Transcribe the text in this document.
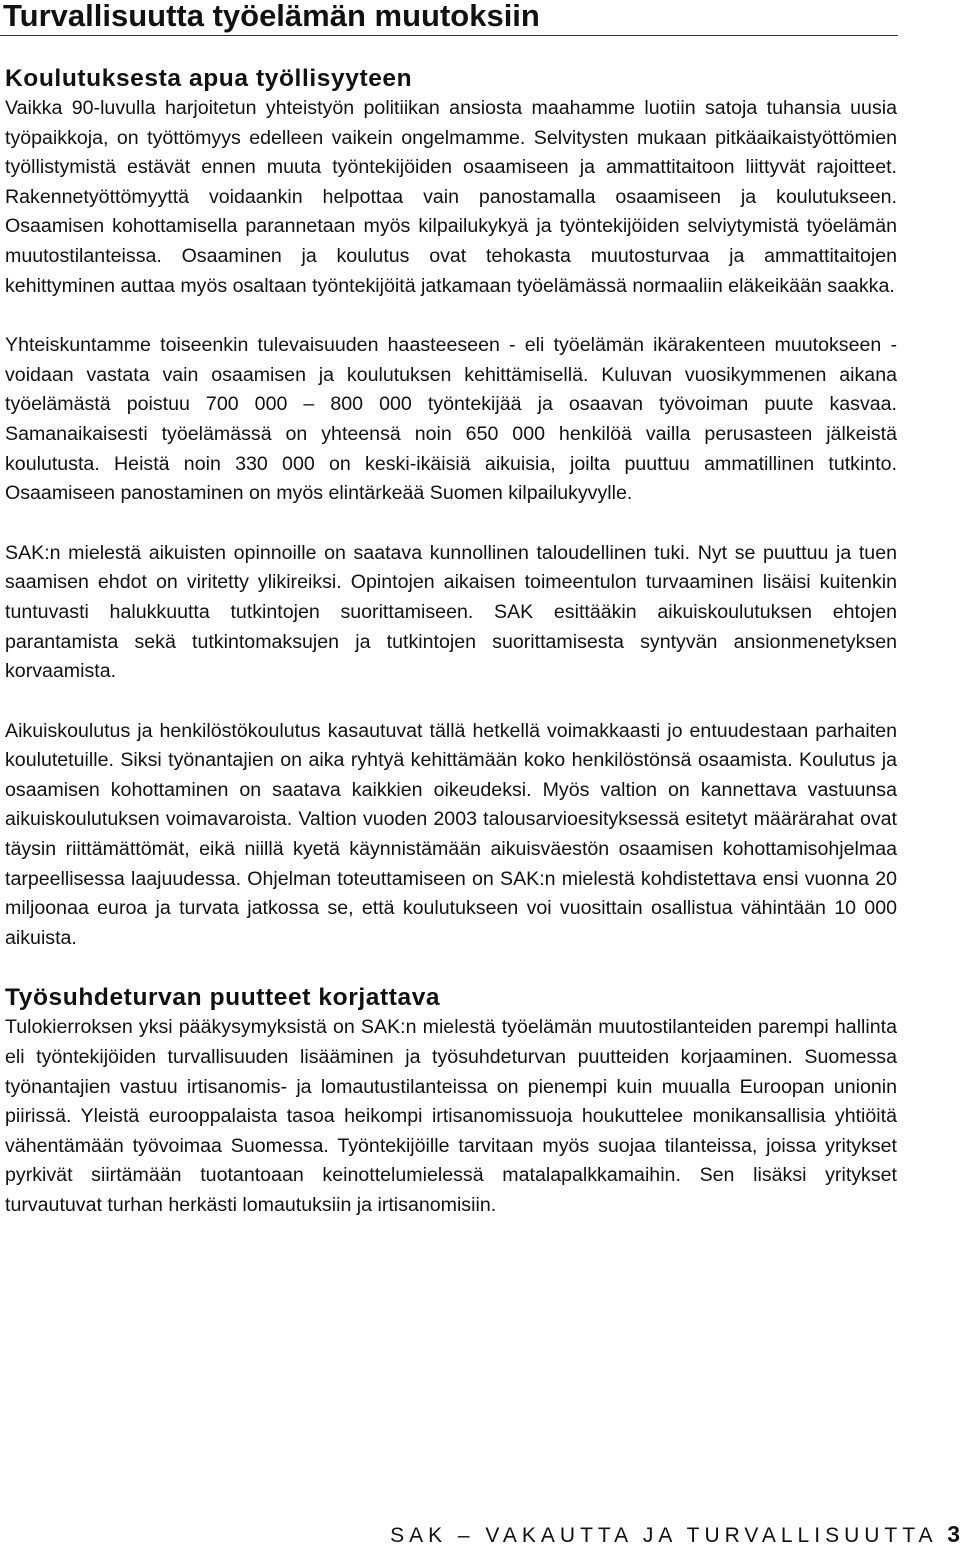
Turvallisuutta työelämän muutoksiin
Koulutuksesta apua työllisyyteen

Vaikka 90-luvulla harjoitetun yhteistyön politiikan ansiosta maahamme luotiin satoja tuhansia uusia työpaikkoja, on työttömyys edelleen vaikein ongelmamme. Selvitysten mukaan pitkäaikaistyöttömien työllistymistä estävät ennen muuta työntekijöiden osaamiseen ja ammattitaitoon liittyvät rajoitteet. Rakennetyöttömyyttä voidaankin helpottaa vain panostamalla osaamiseen ja koulutukseen. Osaamisen kohottamisella parannetaan myös kilpailukykyä ja työntekijöiden selviytymistä työelämän muutostilanteissa. Osaaminen ja koulutus ovat tehokasta muutosturvaa ja ammattitaitojen kehittyminen auttaa myös osaltaan työntekijöitä jatkamaan työelämässä normaaliin eläkeikään saakka.

Yhteiskuntamme toiseenkin tulevaisuuden haasteeseen - eli työelämän ikärakenteen muutokseen - voidaan vastata vain osaamisen ja koulutuksen kehittämisellä. Kuluvan vuosikymmenen aikana työelämästä poistuu 700 000 – 800 000 työntekijää ja osaavan työvoiman puute kasvaa. Samanaikaisesti työelämässä on yhteensä noin 650 000 henkilöä vailla perusasteen jälkeistä koulutusta. Heistä noin 330 000 on keski-ikäisiä aikuisia, joilta puuttuu ammatillinen tutkinto. Osaamiseen panostaminen on myös elintärkeää Suomen kilpailukyvylle.

SAK:n mielestä aikuisten opinnoille on saatava kunnollinen taloudellinen tuki. Nyt se puuttuu ja tuen saamisen ehdot on viritetty ylikireiksi. Opintojen aikaisen toimeentulon turvaaminen lisäisi kuitenkin tuntuvasti halukkuutta tutkintojen suorittamiseen. SAK esittääkin aikuiskoulutuksen ehtojen parantamista sekä tutkintomaksujen ja tutkintojen suorittamisesta syntyvän ansionmenetyksen korvaamista.

Aikuiskoulutus ja henkilöstökoulutus kasautuvat tällä hetkellä voimakkaasti jo entuudestaan parhaiten koulutetuille. Siksi työnantajien on aika ryhtyä kehittämään koko henkilöstönsä osaamista. Koulutus ja osaamisen kohottaminen on saatava kaikkien oikeudeksi. Myös valtion on kannettava vastuunsa aikuiskoulutuksen voimavaroista. Valtion vuoden 2003 talousarvioesityksessä esitetyt määrärahat ovat täysin riittämättömät, eikä niillä kyetä käynnistämään aikuisväestön osaamisen kohottamisohjelmaa tarpeellisessa laajuudessa. Ohjelman toteuttamiseen on SAK:n mielestä kohdistettava ensi vuonna 20 miljoonaa euroa ja turvata jatkossa se, että koulutukseen voi vuosittain osallistua vähintään 10 000 aikuista.

Työsuhdeturvan puutteet korjattava

Tulokierroksen yksi pääkysymyksistä on SAK:n mielestä työelämän muutostilanteiden parempi hallinta eli työntekijöiden turvallisuuden lisääminen ja työsuhdeturvan puutteiden korjaaminen. Suomessa työnantajien vastuu irtisanomis- ja lomautustilanteissa on pienempi kuin muualla Euroopan unionin piirissä. Yleistä eurooppalaista tasoa heikompi irtisanomissuoja houkuttelee monikansallisia yhtiöitä vähentämään työvoimaa Suomessa. Työntekijöille tarvitaan myös suojaa tilanteissa, joissa yritykset pyrkivät siirtämään tuotantoaan keinottelumielessä matalapalkkamaihin. Sen lisäksi yritykset turvautuvat turhan herkästi lomautuksiin ja irtisanomisiin.

SAK – VAKAUTTA JA TURVALLISUUTTA 3
